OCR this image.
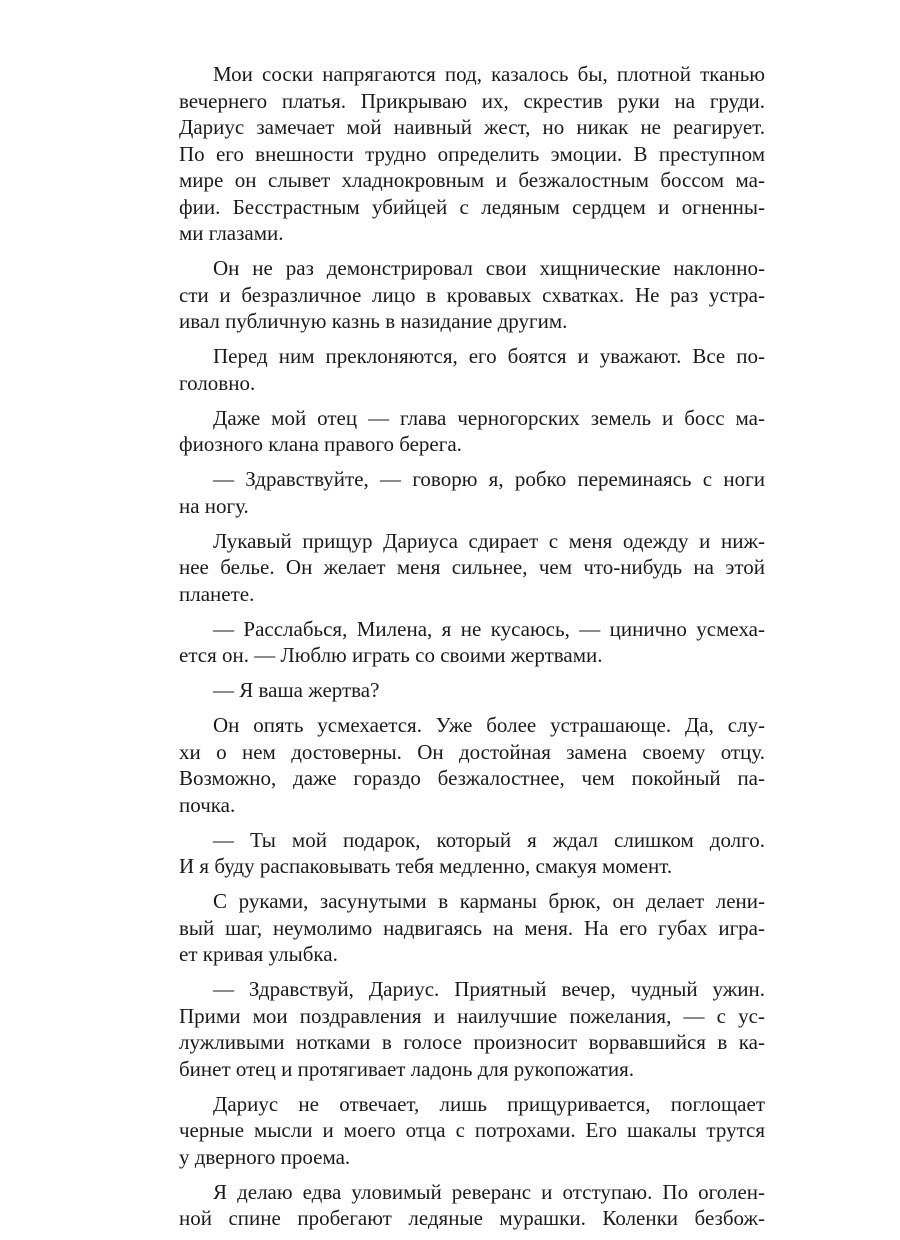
Мои соски напрягаются под, казалось бы, плотной тканью
вечернего платья. Прикрываю их, скрестив руки на груди.
Дариус замечает мой наивный жест, но никак не реагирует.
По его внешности трудно определить эмоции. В преступном
мире он слывет хладнокровным и безжалостным боссом ма-
фии. Бесстрастным убийцей с ледяным сердцем и огненны-
ми глазами.
Он не раз демонстрировал свои хищнические наклонно-
сти и безразличное лицо в кровавых схватках. Не раз устра-
ивал публичную казнь в назидание другим.
Перед ним преклоняются, его боятся и уважают. Все по-
головно.
Даже мой отец — глава черногорских земель и босс ма-
фиозного клана правого берега.
— Здравствуйте, — говорю я, робко переминаясь с ноги
на ногу.
Лукавый прищур Дариуса сдирает с меня одежду и ниж-
нее белье. Он желает меня сильнее, чем что-нибудь на этой
планете.
— Расслабься, Милена, я не кусаюсь, — цинично усмеха-
ется он. — Люблю играть со своими жертвами.
— Я ваша жертва?
Он опять усмехается. Уже более устрашающе. Да, слу-
хи о нем достоверны. Он достойная замена своему отцу.
Возможно, даже гораздо безжалостнее, чем покойный па-
почка.
— Ты мой подарок, который я ждал слишком долго.
И я буду распаковывать тебя медленно, смакуя момент.
С руками, засунутыми в карманы брюк, он делает лени-
вый шаг, неумолимо надвигаясь на меня. На его губах игра-
ет кривая улыбка.
— Здравствуй, Дариус. Приятный вечер, чудный ужин.
Прими мои поздравления и наилучшие пожелания, — с ус-
лужливыми нотками в голосе произносит ворвавшийся в ка-
бинет отец и протягивает ладонь для рукопожатия.
Дариус не отвечает, лишь прищуривается, поглощает
черные мысли и моего отца с потрохами. Его шакалы трутся
у дверного проема.
Я делаю едва уловимый реверанс и отступаю. По оголен-
ной спине пробегают ледяные мурашки. Коленки безбож-
